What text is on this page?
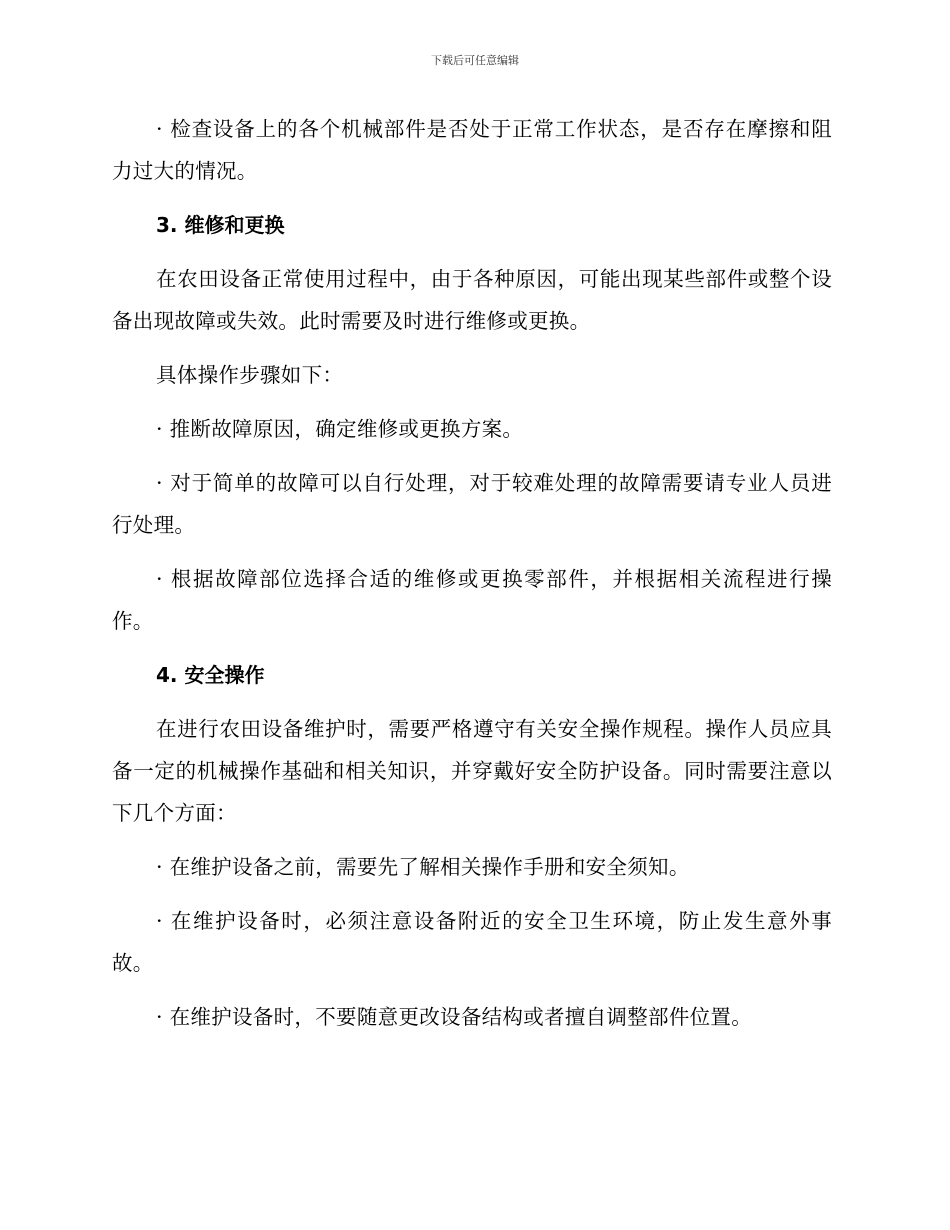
下载后可任意编辑

· 检查设备上的各个机械部件是否处于正常工作状态，是否存在摩擦和阻力过大的情况。

3. 维修和更换

在农田设备正常使用过程中，由于各种原因，可能出现某些部件或整个设备出现故障或失效。此时需要及时进行维修或更换。

具体操作步骤如下：

· 推断故障原因，确定维修或更换方案。

· 对于简单的故障可以自行处理，对于较难处理的故障需要请专业人员进行处理。

· 根据故障部位选择合适的维修或更换零部件，并根据相关流程进行操作。

4. 安全操作

在进行农田设备维护时，需要严格遵守有关安全操作规程。操作人员应具备一定的机械操作基础和相关知识，并穿戴好安全防护设备。同时需要注意以下几个方面：

· 在维护设备之前，需要先了解相关操作手册和安全须知。

· 在维护设备时，必须注意设备附近的安全卫生环境，防止发生意外事故。

· 在维护设备时，不要随意更改设备结构或者擅自调整部件位置。
